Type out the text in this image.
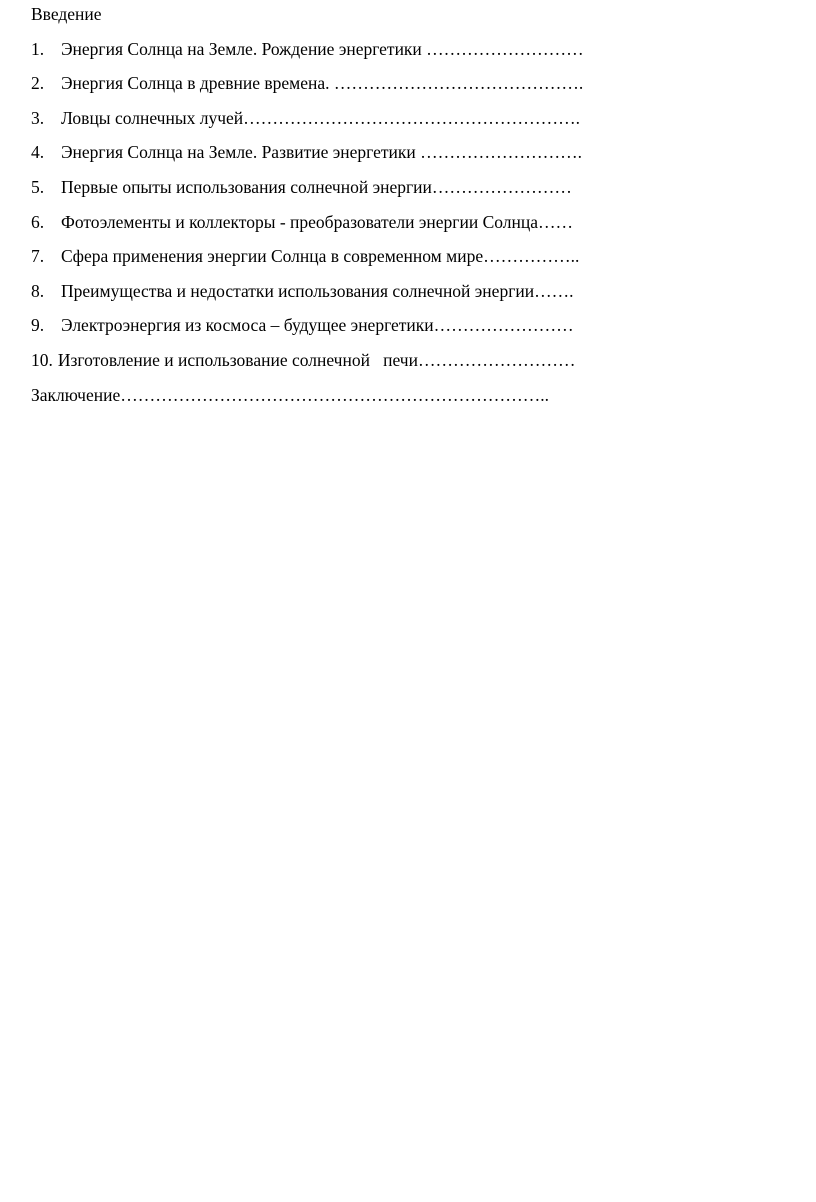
Введение
1. Энергия Солнца на Земле. Рождение энергетики ………………………
2. Энергия Солнца в древние времена. …………………………………….
3. Ловцы солнечных лучей………………………………………………….
4. Энергия Солнца на Земле. Развитие энергетики ……………………….
5. Первые опыты использования солнечной энергии……………………
6. Фотоэлементы и коллекторы - преобразователи энергии Солнца……
7. Сфера применения энергии Солнца в современном мире……………..
8. Преимущества и недостатки использования солнечной энергии…….
9. Электроэнергия из космоса – будущее энергетики……………………
10. Изготовление и использование солнечной   печи………………………
Заключение………………………………………………………………..
